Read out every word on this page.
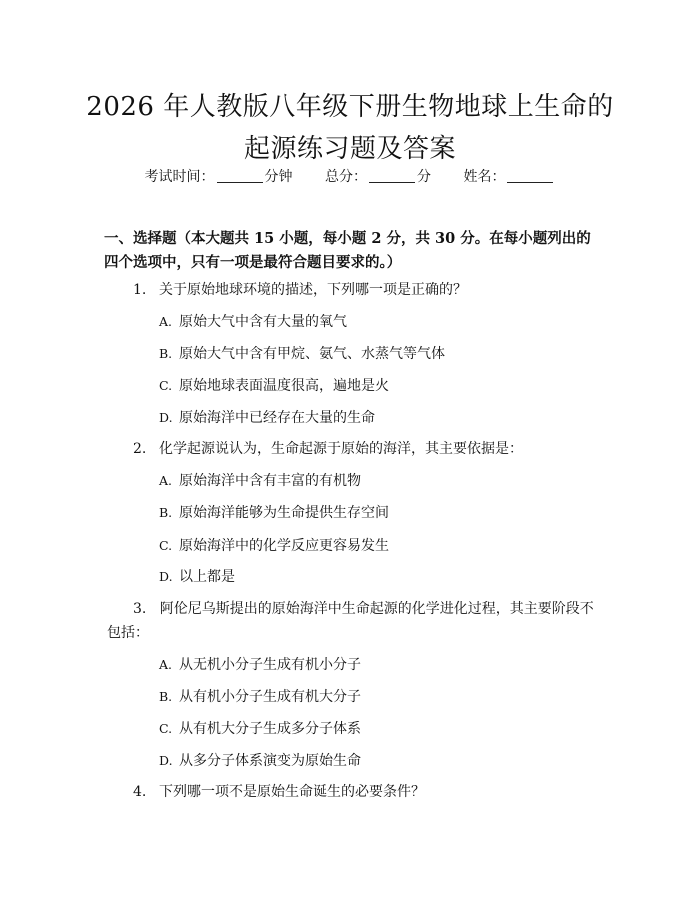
2026 年人教版八年级下册生物地球上生命的
起源练习题及答案
考试时间：	分钟 总分：	分 姓名：
一、选择题（本大题共 15 小题，每小题 2 分，共 30 分。在每小题列出的四个选项中，只有一项是最符合题目要求的。）
1. 关于原始地球环境的描述，下列哪一项是正确的？
A. 原始大气中含有大量的氧气
B. 原始大气中含有甲烷、氨气、水蒸气等气体
C. 原始地球表面温度很高，遍地是火
D. 原始海洋中已经存在大量的生命
2. 化学起源说认为，生命起源于原始的海洋，其主要依据是：
A. 原始海洋中含有丰富的有机物
B. 原始海洋能够为生命提供生存空间
C. 原始海洋中的化学反应更容易发生
D. 以上都是
3. 阿伦尼乌斯提出的原始海洋中生命起源的化学进化过程，其主要阶段不包括：
A. 从无机小分子生成有机小分子
B. 从有机小分子生成有机大分子
C. 从有机大分子生成多分子体系
D. 从多分子体系演变为原始生命
4. 下列哪一项不是原始生命诞生的必要条件？
